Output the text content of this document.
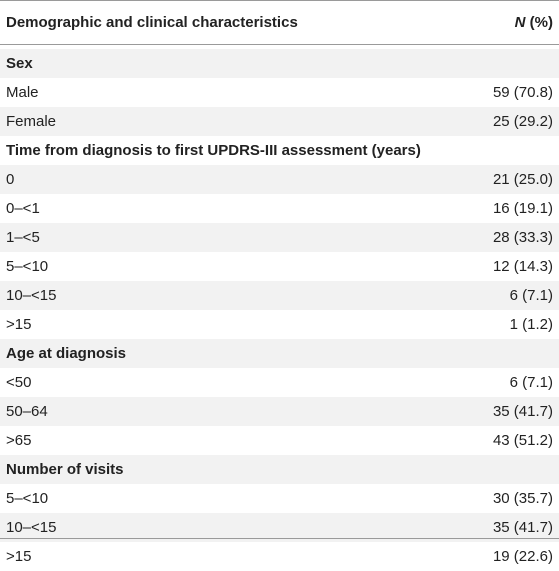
Demographic and clinical characteristics	N (%)
Sex
Male	59 (70.8)
Female	25 (29.2)
Time from diagnosis to first UPDRS-III assessment (years)
0	21 (25.0)
0–<1	16 (19.1)
1–<5	28 (33.3)
5–<10	12 (14.3)
10–<15	6 (7.1)
>15	1 (1.2)
Age at diagnosis
<50	6 (7.1)
50–64	35 (41.7)
>65	43 (51.2)
Number of visits
5–<10	30 (35.7)
10–<15	35 (41.7)
>15	19 (22.6)
